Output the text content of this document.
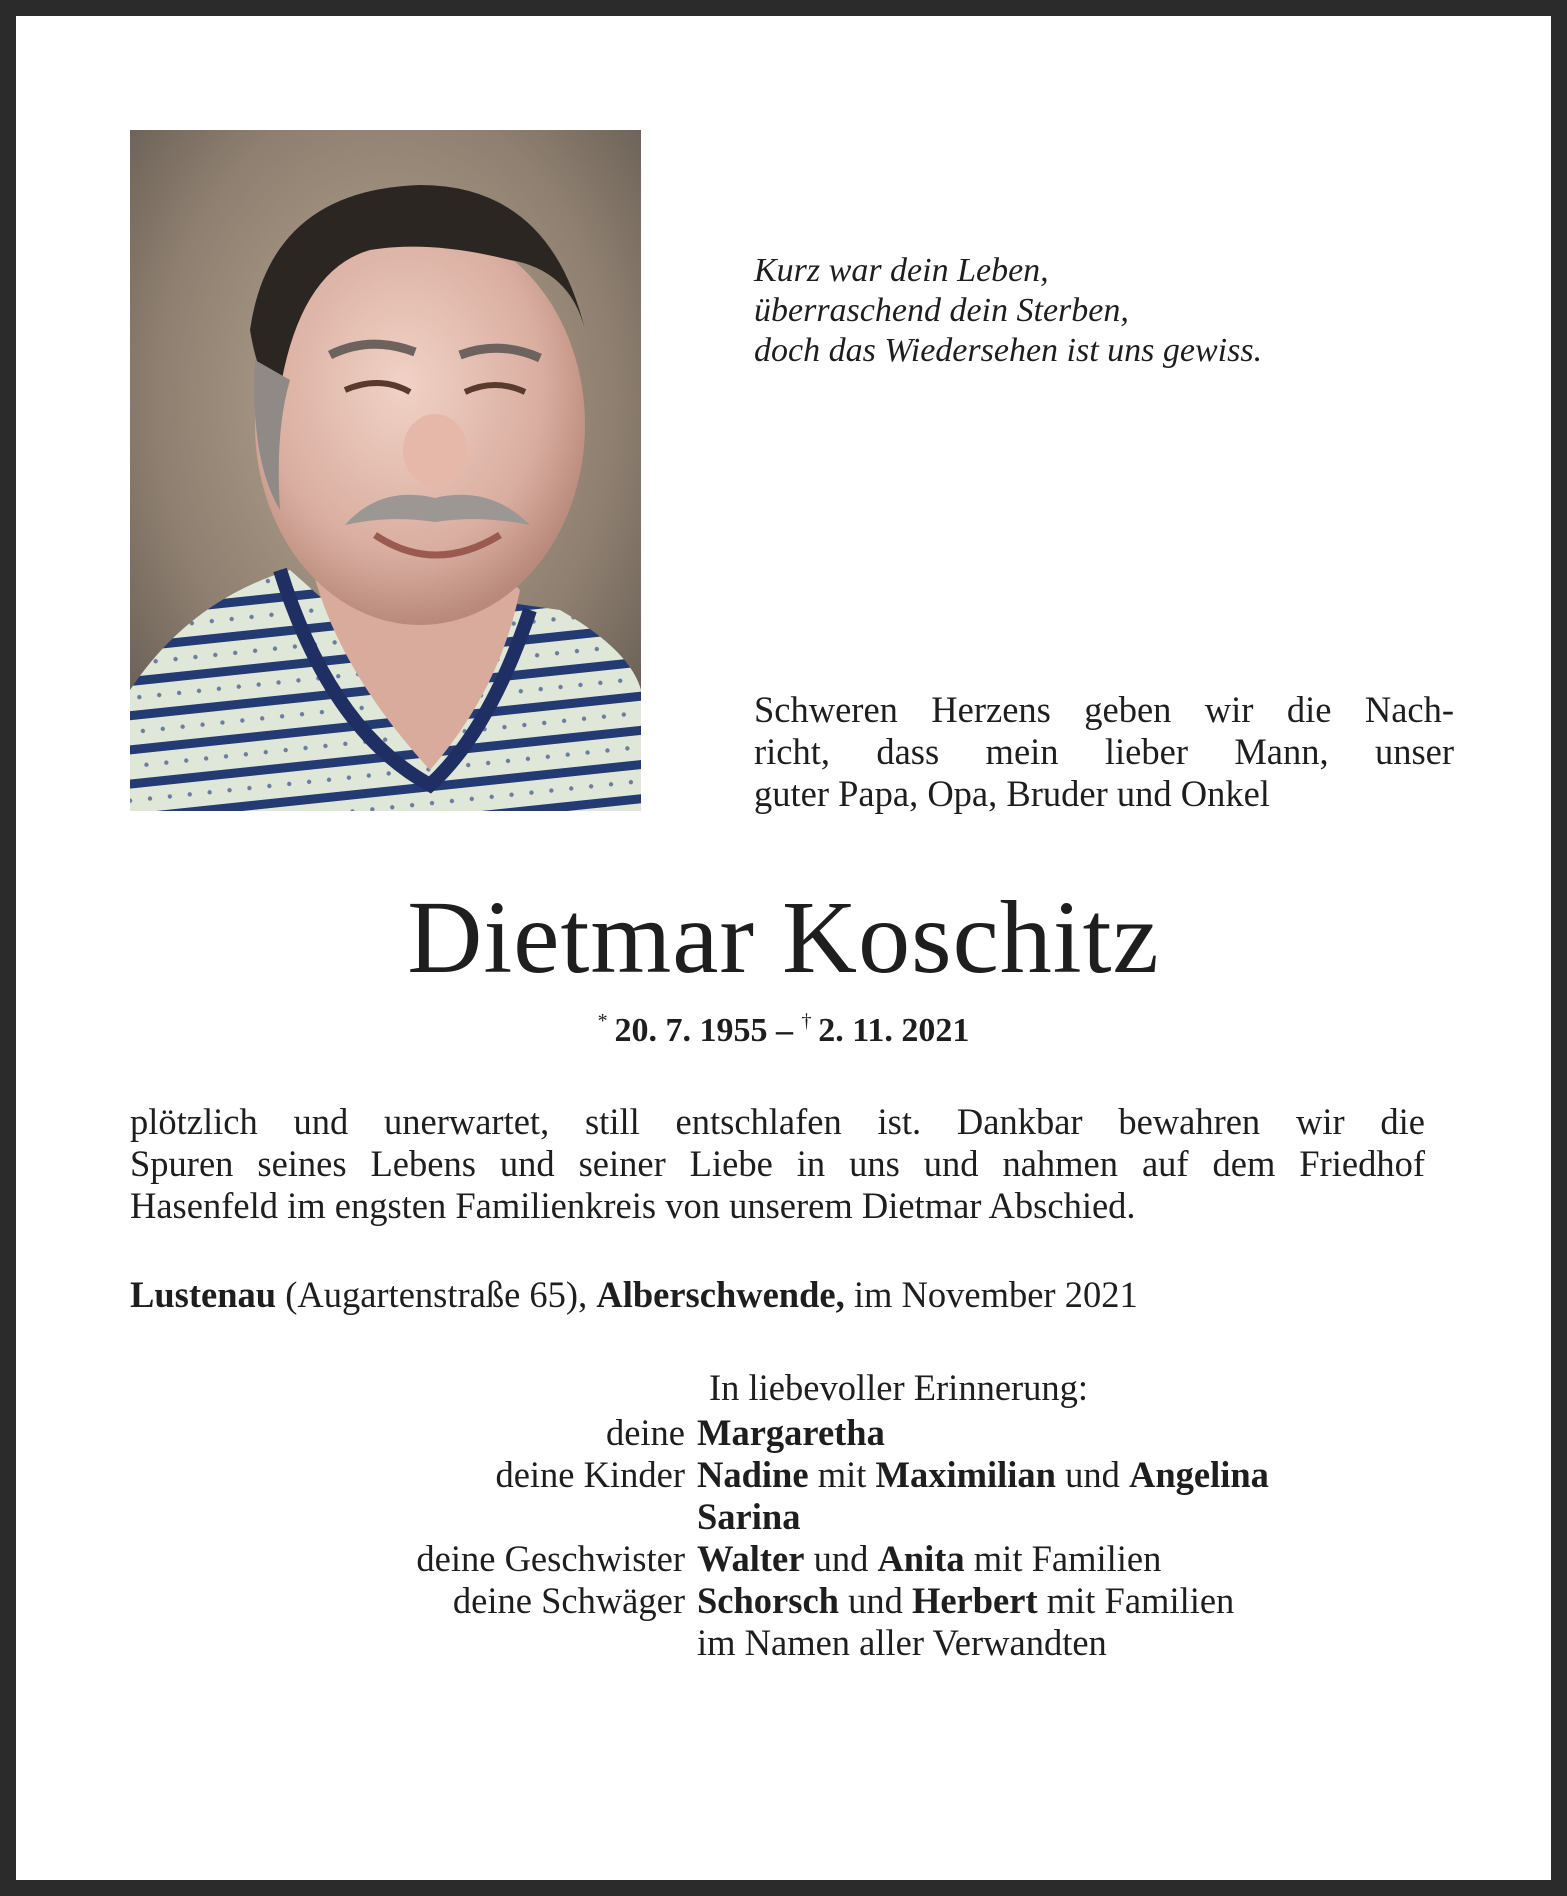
Kurz war dein Leben,
überraschend dein Sterben,
doch das Wiedersehen ist uns gewiss.
Schweren Herzens geben wir die Nach-
richt, dass mein lieber Mann, unser
guter Papa, Opa, Bruder und Onkel
Dietmar Koschitz
*  20. 7. 1955 – †  2. 11. 2021
plötzlich und unerwartet, still entschlafen ist. Dankbar bewahren wir die
Spuren seines Lebens und seiner Liebe in uns und nahmen auf dem Friedhof
Hasenfeld im engsten Familienkreis von unserem Dietmar Abschied.
Lustenau (Augartenstraße 65), Alberschwende, im November 2021
In liebevoller Erinnerung:
deine Margaretha
deine Kinder Nadine mit Maximilian und Angelina
Sarina
deine Geschwister Walter und Anita mit Familien
deine Schwäger Schorsch und Herbert mit Familien
im Namen aller Verwandten
